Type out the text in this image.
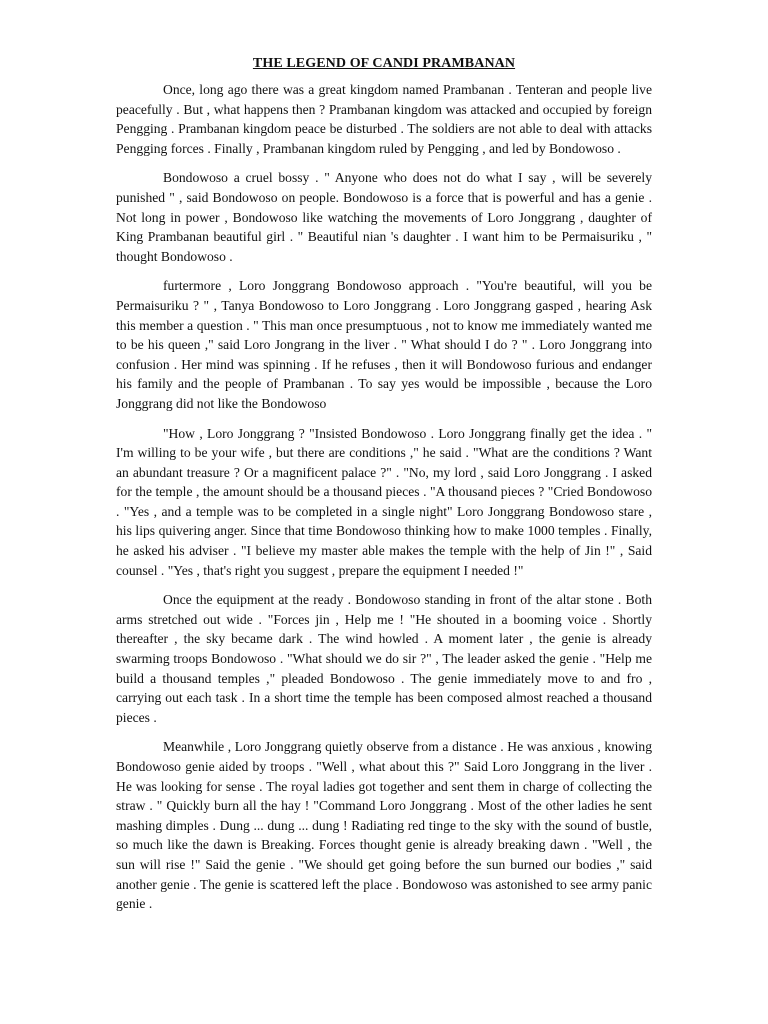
THE LEGEND OF CANDI PRAMBANAN

Once, long ago there was a great kingdom named Prambanan . Tenteran and people live peacefully . But , what happens then ? Prambanan kingdom was attacked and occupied by foreign Pengging . Prambanan kingdom peace be disturbed . The soldiers are not able to deal with attacks Pengging forces . Finally , Prambanan kingdom ruled by Pengging , and led by Bondowoso .

Bondowoso a cruel bossy . " Anyone who does not do what I say , will be severely punished " , said Bondowoso on people. Bondowoso is a force that is powerful and has a genie . Not long in power , Bondowoso like watching the movements of Loro Jonggrang , daughter of King Prambanan beautiful girl . " Beautiful nian 's daughter . I want him to be Permaisuriku , " thought Bondowoso .

furtermore , Loro Jonggrang Bondowoso approach . "You're beautiful, will you be Permaisuriku ? " , Tanya Bondowoso to Loro Jonggrang . Loro Jonggrang gasped , hearing Ask this member a question . " This man once presumptuous , not to know me immediately wanted me to be his queen ," said Loro Jongrang in the liver . " What should I do ? " . Loro Jonggrang into confusion . Her mind was spinning . If he refuses , then it will Bondowoso furious and endanger his family and the people of Prambanan . To say yes would be impossible , because the Loro Jonggrang did not like the Bondowoso

"How , Loro Jonggrang ? "Insisted Bondowoso . Loro Jonggrang finally get the idea . " I'm willing to be your wife , but there are conditions ," he said . "What are the conditions ? Want an abundant treasure ? Or a magnificent palace ?" . "No, my lord , said Loro Jonggrang . I asked for the temple , the amount should be a thousand pieces . "A thousand pieces ? "Cried Bondowoso . "Yes , and a temple was to be completed in a single night" Loro Jonggrang Bondowoso stare , his lips quivering anger. Since that time Bondowoso thinking how to make 1000 temples . Finally, he asked his adviser . "I believe my master able makes the temple with the help of Jin !" , Said counsel . "Yes , that's right you suggest , prepare the equipment I needed !"

Once the equipment at the ready . Bondowoso standing in front of the altar stone . Both arms stretched out wide . "Forces jin , Help me ! "He shouted in a booming voice . Shortly thereafter , the sky became dark . The wind howled . A moment later , the genie is already swarming troops Bondowoso . "What should we do sir ?" , The leader asked the genie . "Help me build a thousand temples ," pleaded Bondowoso . The genie immediately move to and fro , carrying out each task . In a short time the temple has been composed almost reached a thousand pieces .

Meanwhile , Loro Jonggrang quietly observe from a distance . He was anxious , knowing Bondowoso genie aided by troops . "Well , what about this ?" Said Loro Jonggrang in the liver . He was looking for sense . The royal ladies got together and sent them in charge of collecting the straw . " Quickly burn all the hay ! "Command Loro Jonggrang . Most of the other ladies he sent mashing dimples . Dung ... dung ... dung ! Radiating red tinge to the sky with the sound of bustle, so much like the dawn is Breaking. Forces thought genie is already breaking dawn . "Well , the sun will rise !" Said the genie . "We should get going before the sun burned our bodies ," said another genie . The genie is scattered left the place . Bondowoso was astonished to see army panic genie .
